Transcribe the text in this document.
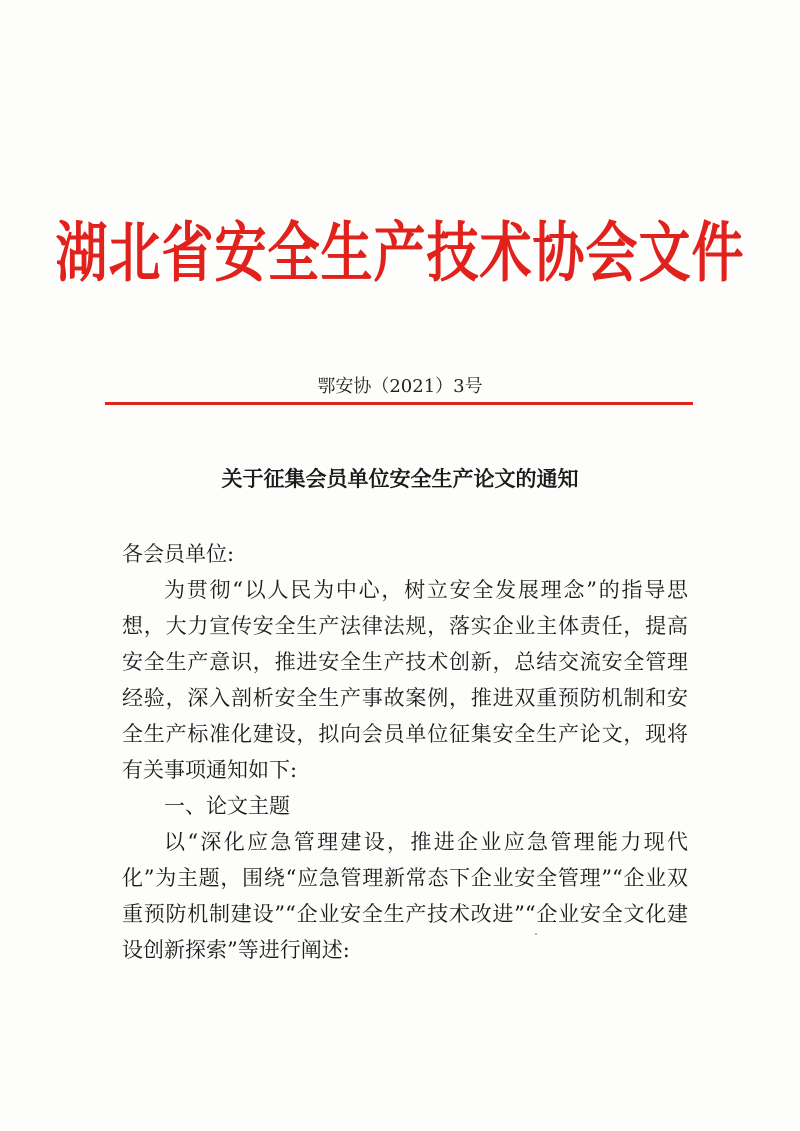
湖北省安全生产技术协会文件
鄂安协（2021）3号
关于征集会员单位安全生产论文的通知
各会员单位:

为贯彻“以人民为中心，树立安全发展理念”的指导思想，大力宣传安全生产法律法规，落实企业主体责任，提高安全生产意识，推进安全生产技术创新，总结交流安全管理经验，深入剖析安全生产事故案例，推进双重预防机制和安全生产标准化建设，拟向会员单位征集安全生产论文，现将有关事项通知如下:

一、论文主题

以“深化应急管理建设，推进企业应急管理能力现代化”为主题，围绕“应急管理新常态下企业安全管理”“企业双重预防机制建设”“企业安全生产技术改进”“企业安全文化建设创新探索”等进行阐述:
